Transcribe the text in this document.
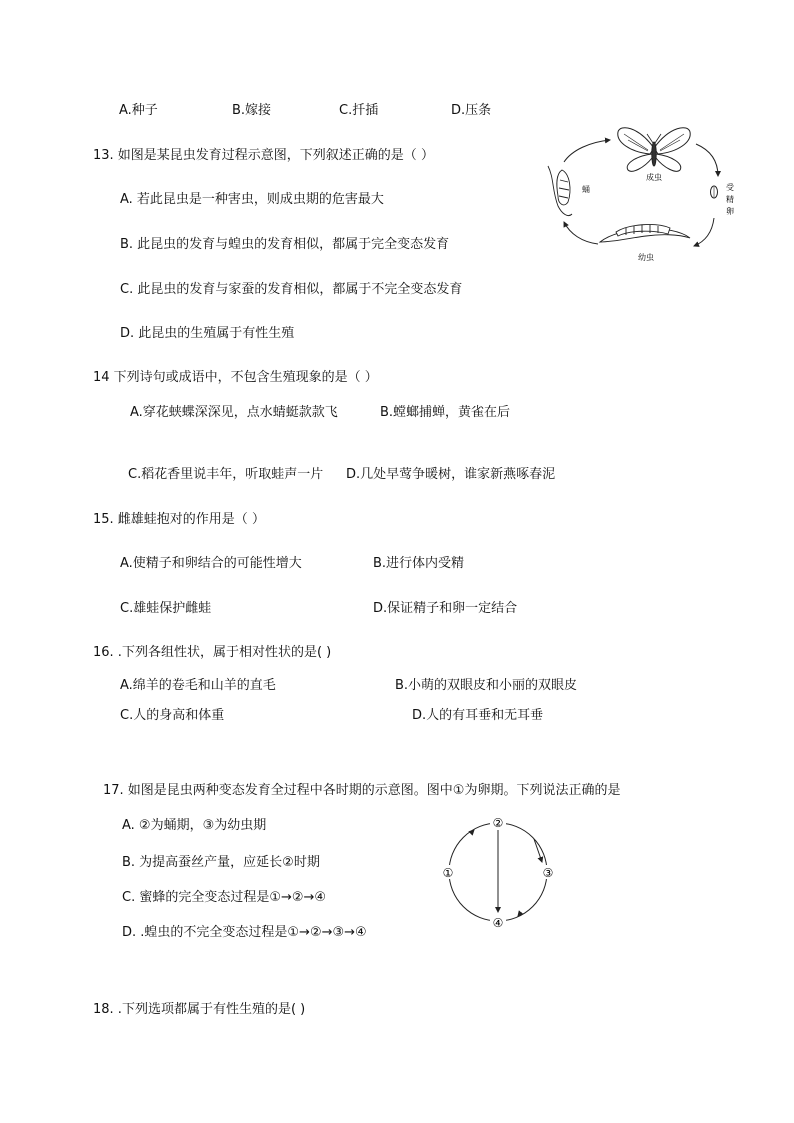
A.种子	B.嫁接	C.扦插	D.压条
13. 如图是某昆虫发育过程示意图，下列叙述正确的是（ ）
A. 若此昆虫是一种害虫，则成虫期的危害最大
B. 此昆虫的发育与蝗虫的发育相似，都属于完全变态发育
C. 此昆虫的发育与家蚕的发育相似，都属于不完全变态发育
D. 此昆虫的生殖属于有性生殖
成虫
受
精
卵
幼虫
蛹
14 下列诗句或成语中，不包含生殖现象的是（ ）
A.穿花蛱蝶深深见，点水蜻蜓款款飞	B.螳螂捕蝉，黄雀在后
C.稻花香里说丰年，听取蛙声一片 D.几处早莺争暖树，谁家新燕啄春泥
15. 雌雄蛙抱对的作用是（ ）
A.使精子和卵结合的可能性增大	B.进行体内受精
C.雄蛙保护雌蛙	D.保证精子和卵一定结合
16. .下列各组性状，属于相对性状的是( )
A.绵羊的卷毛和山羊的直毛	B.小萌的双眼皮和小丽的双眼皮
C.人的身高和体重	D.人的有耳垂和无耳垂
17. 如图是昆虫两种变态发育全过程中各时期的示意图。图中①为卵期。下列说法正确的是
A. ②为蛹期，③为幼虫期
B. 为提高蚕丝产量，应延长②时期
C. 蜜蜂的完全变态过程是①→②→④
D. .蝗虫的不完全变态过程是①→②→③→④
②
④
①	③
18. .下列选项都属于有性生殖的是( )
